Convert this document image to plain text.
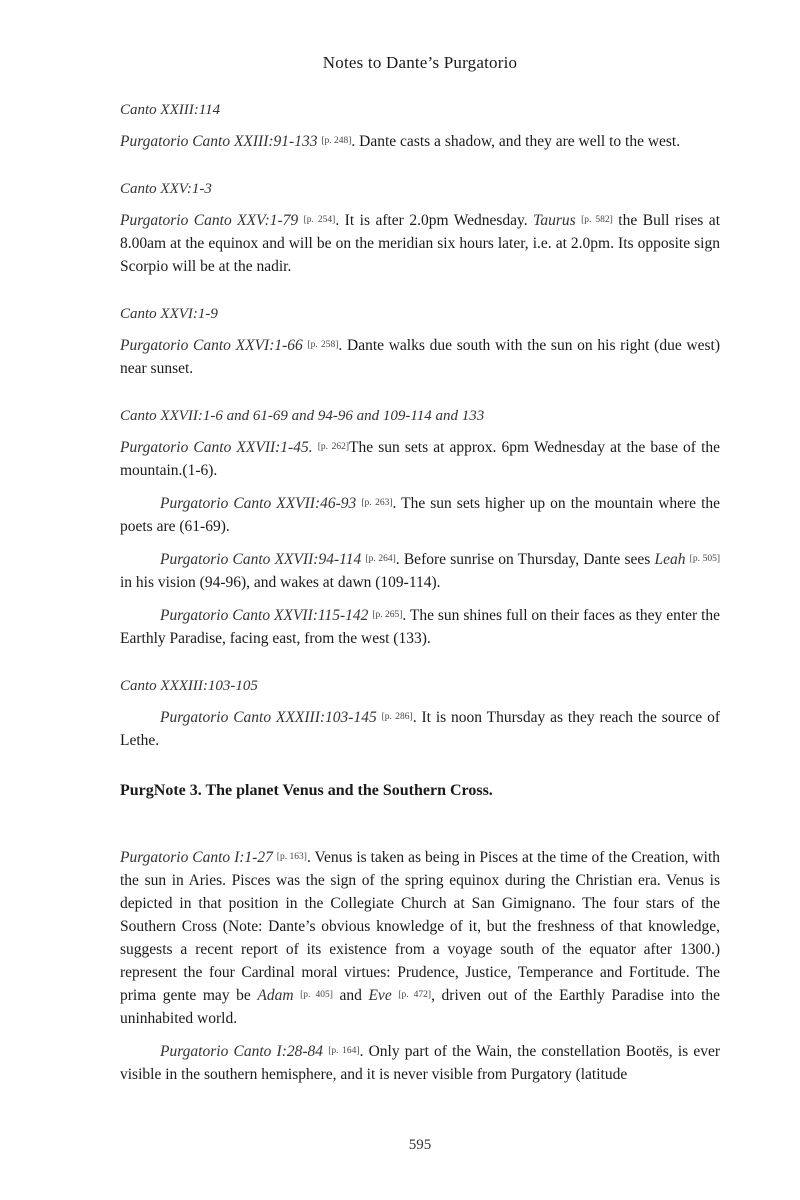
Notes to Dante’s Purgatorio
Canto XXIII:114

Purgatorio Canto XXIII:91-133 [p. 248]. Dante casts a shadow, and they are well to the west.

Canto XXV:1-3

Purgatorio Canto XXV:1-79 [p. 254]. It is after 2.0pm Wednesday. Taurus [p. 582] the Bull rises at 8.00am at the equinox and will be on the meridian six hours later, i.e. at 2.0pm. Its opposite sign Scorpio will be at the nadir.

Canto XXVI:1-9

Purgatorio Canto XXVI:1-66 [p. 258]. Dante walks due south with the sun on his right (due west) near sunset.

Canto XXVII:1-6 and 61-69 and 94-96 and 109-114 and 133

Purgatorio Canto XXVII:1-45. [p. 262]The sun sets at approx. 6pm Wednesday at the base of the mountain.(1-6).

Purgatorio Canto XXVII:46-93 [p. 263]. The sun sets higher up on the mountain where the poets are (61-69).

Purgatorio Canto XXVII:94-114 [p. 264]. Before sunrise on Thursday, Dante sees Leah [p. 505] in his vision (94-96), and wakes at dawn (109-114).

Purgatorio Canto XXVII:115-142 [p. 265]. The sun shines full on their faces as they enter the Earthly Paradise, facing east, from the west (133).

Canto XXXIII:103-105

Purgatorio Canto XXXIII:103-145 [p. 286]. It is noon Thursday as they reach the source of Lethe.

PurgNote 3. The planet Venus and the Southern Cross.

Purgatorio Canto I:1-27 [p. 163]. Venus is taken as being in Pisces at the time of the Creation, with the sun in Aries. Pisces was the sign of the spring equinox during the Christian era. Venus is depicted in that position in the Collegiate Church at San Gimignano. The four stars of the Southern Cross (Note: Dante’s obvious knowledge of it, but the freshness of that knowledge, suggests a recent report of its existence from a voyage south of the equator after 1300.) represent the four Cardinal moral virtues: Prudence, Justice, Temperance and Fortitude. The prima gente may be Adam [p. 405] and Eve [p. 472], driven out of the Earthly Paradise into the uninhabited world.

Purgatorio Canto I:28-84 [p. 164]. Only part of the Wain, the constellation Bootës, is ever visible in the southern hemisphere, and it is never visible from Purgatory (latitude

595
